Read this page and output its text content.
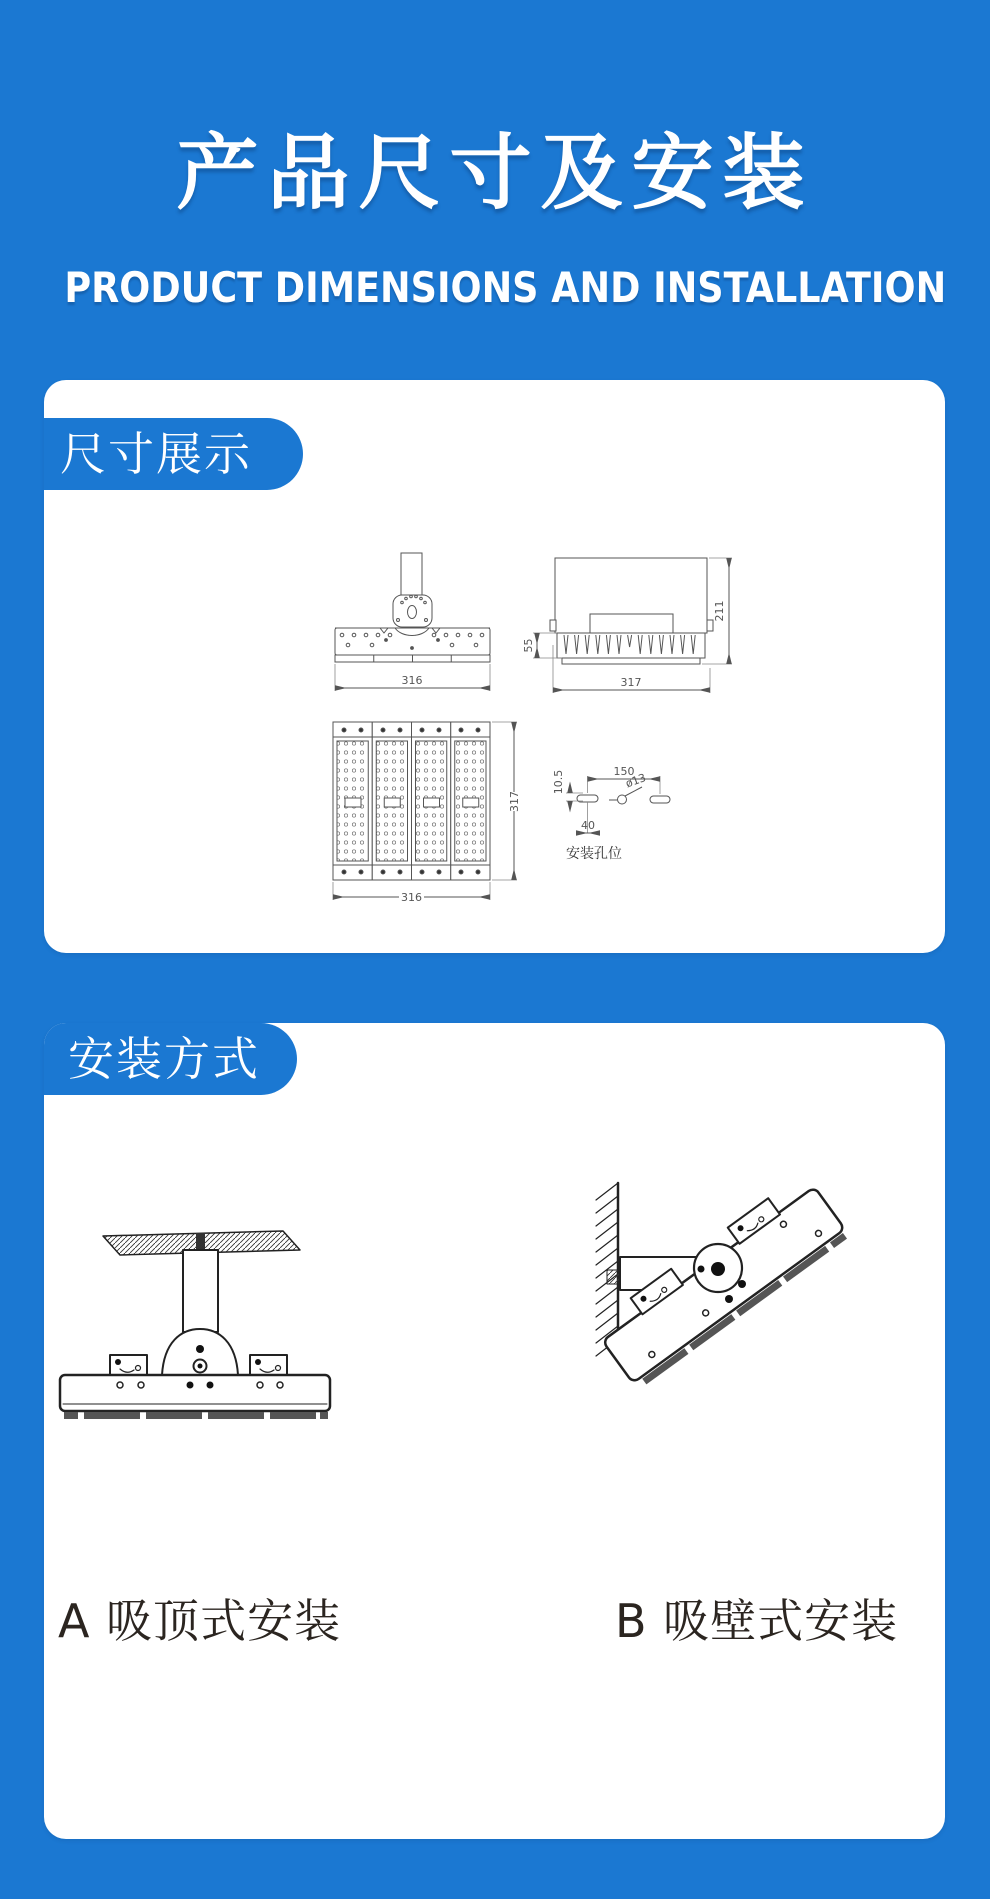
产品尺寸及安装
PRODUCT DIMENSIONS AND INSTALLATION
尺寸展示
316
55
211
317
317
316
150
10.5	ø13
40
安装孔位
安装方式
A 吸顶式安装	B 吸壁式安装
